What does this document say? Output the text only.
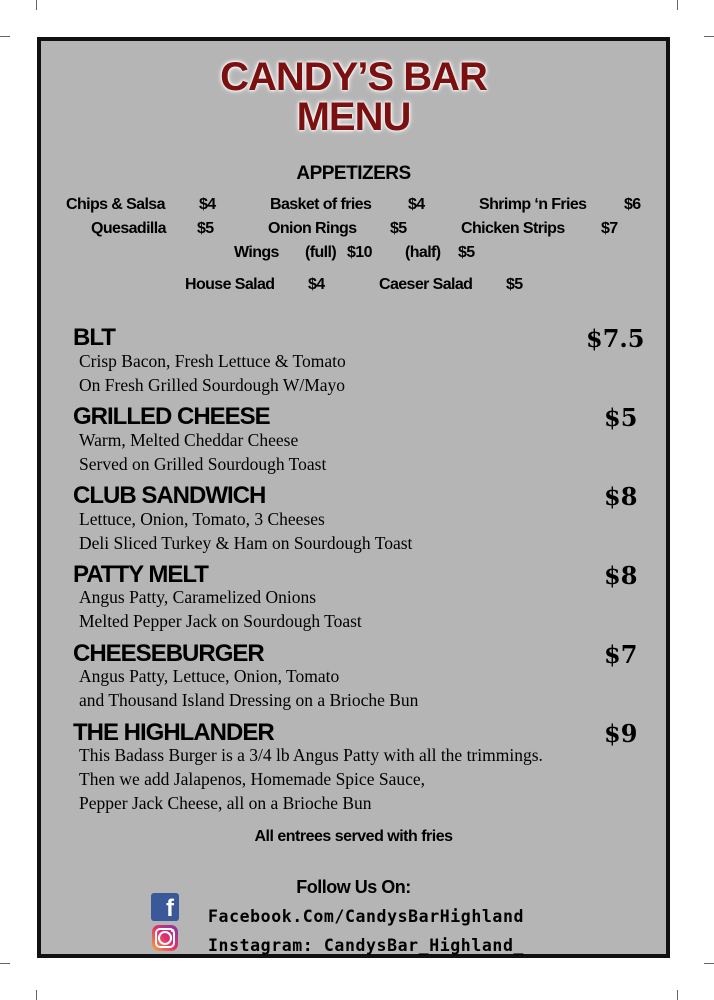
CANDY’S BAR
MENU
APPETIZERS
Chips & Salsa $4	Basket of fries $4	Shrimp ‘n Fries $6
Quesadilla $5	Onion Rings $5	Chicken Strips $7
Wings (full) $10 (half) $5
House Salad $4	Caeser Salad $5
BLT	$7.5
Crisp Bacon, Fresh Lettuce & Tomato
On Fresh Grilled Sourdough W/Mayo
GRILLED CHEESE	$5
Warm, Melted Cheddar Cheese
Served on Grilled Sourdough Toast
CLUB SANDWICH	$8
Lettuce, Onion, Tomato, 3 Cheeses
Deli Sliced Turkey & Ham on Sourdough Toast
PATTY MELT	$8
Angus Patty, Caramelized Onions
Melted Pepper Jack on Sourdough Toast
CHEESEBURGER	$7
Angus Patty, Lettuce, Onion, Tomato
and Thousand Island Dressing on a Brioche Bun
THE HIGHLANDER	$9
This Badass Burger is a 3/4 lb Angus Patty with all the trimmings.
Then we add Jalapenos, Homemade Spice Sauce,
Pepper Jack Cheese, all on a Brioche Bun
All entrees served with fries
Follow Us On:
f	Facebook.Com/CandysBarHighland
Instagram: CandysBar_Highland_
